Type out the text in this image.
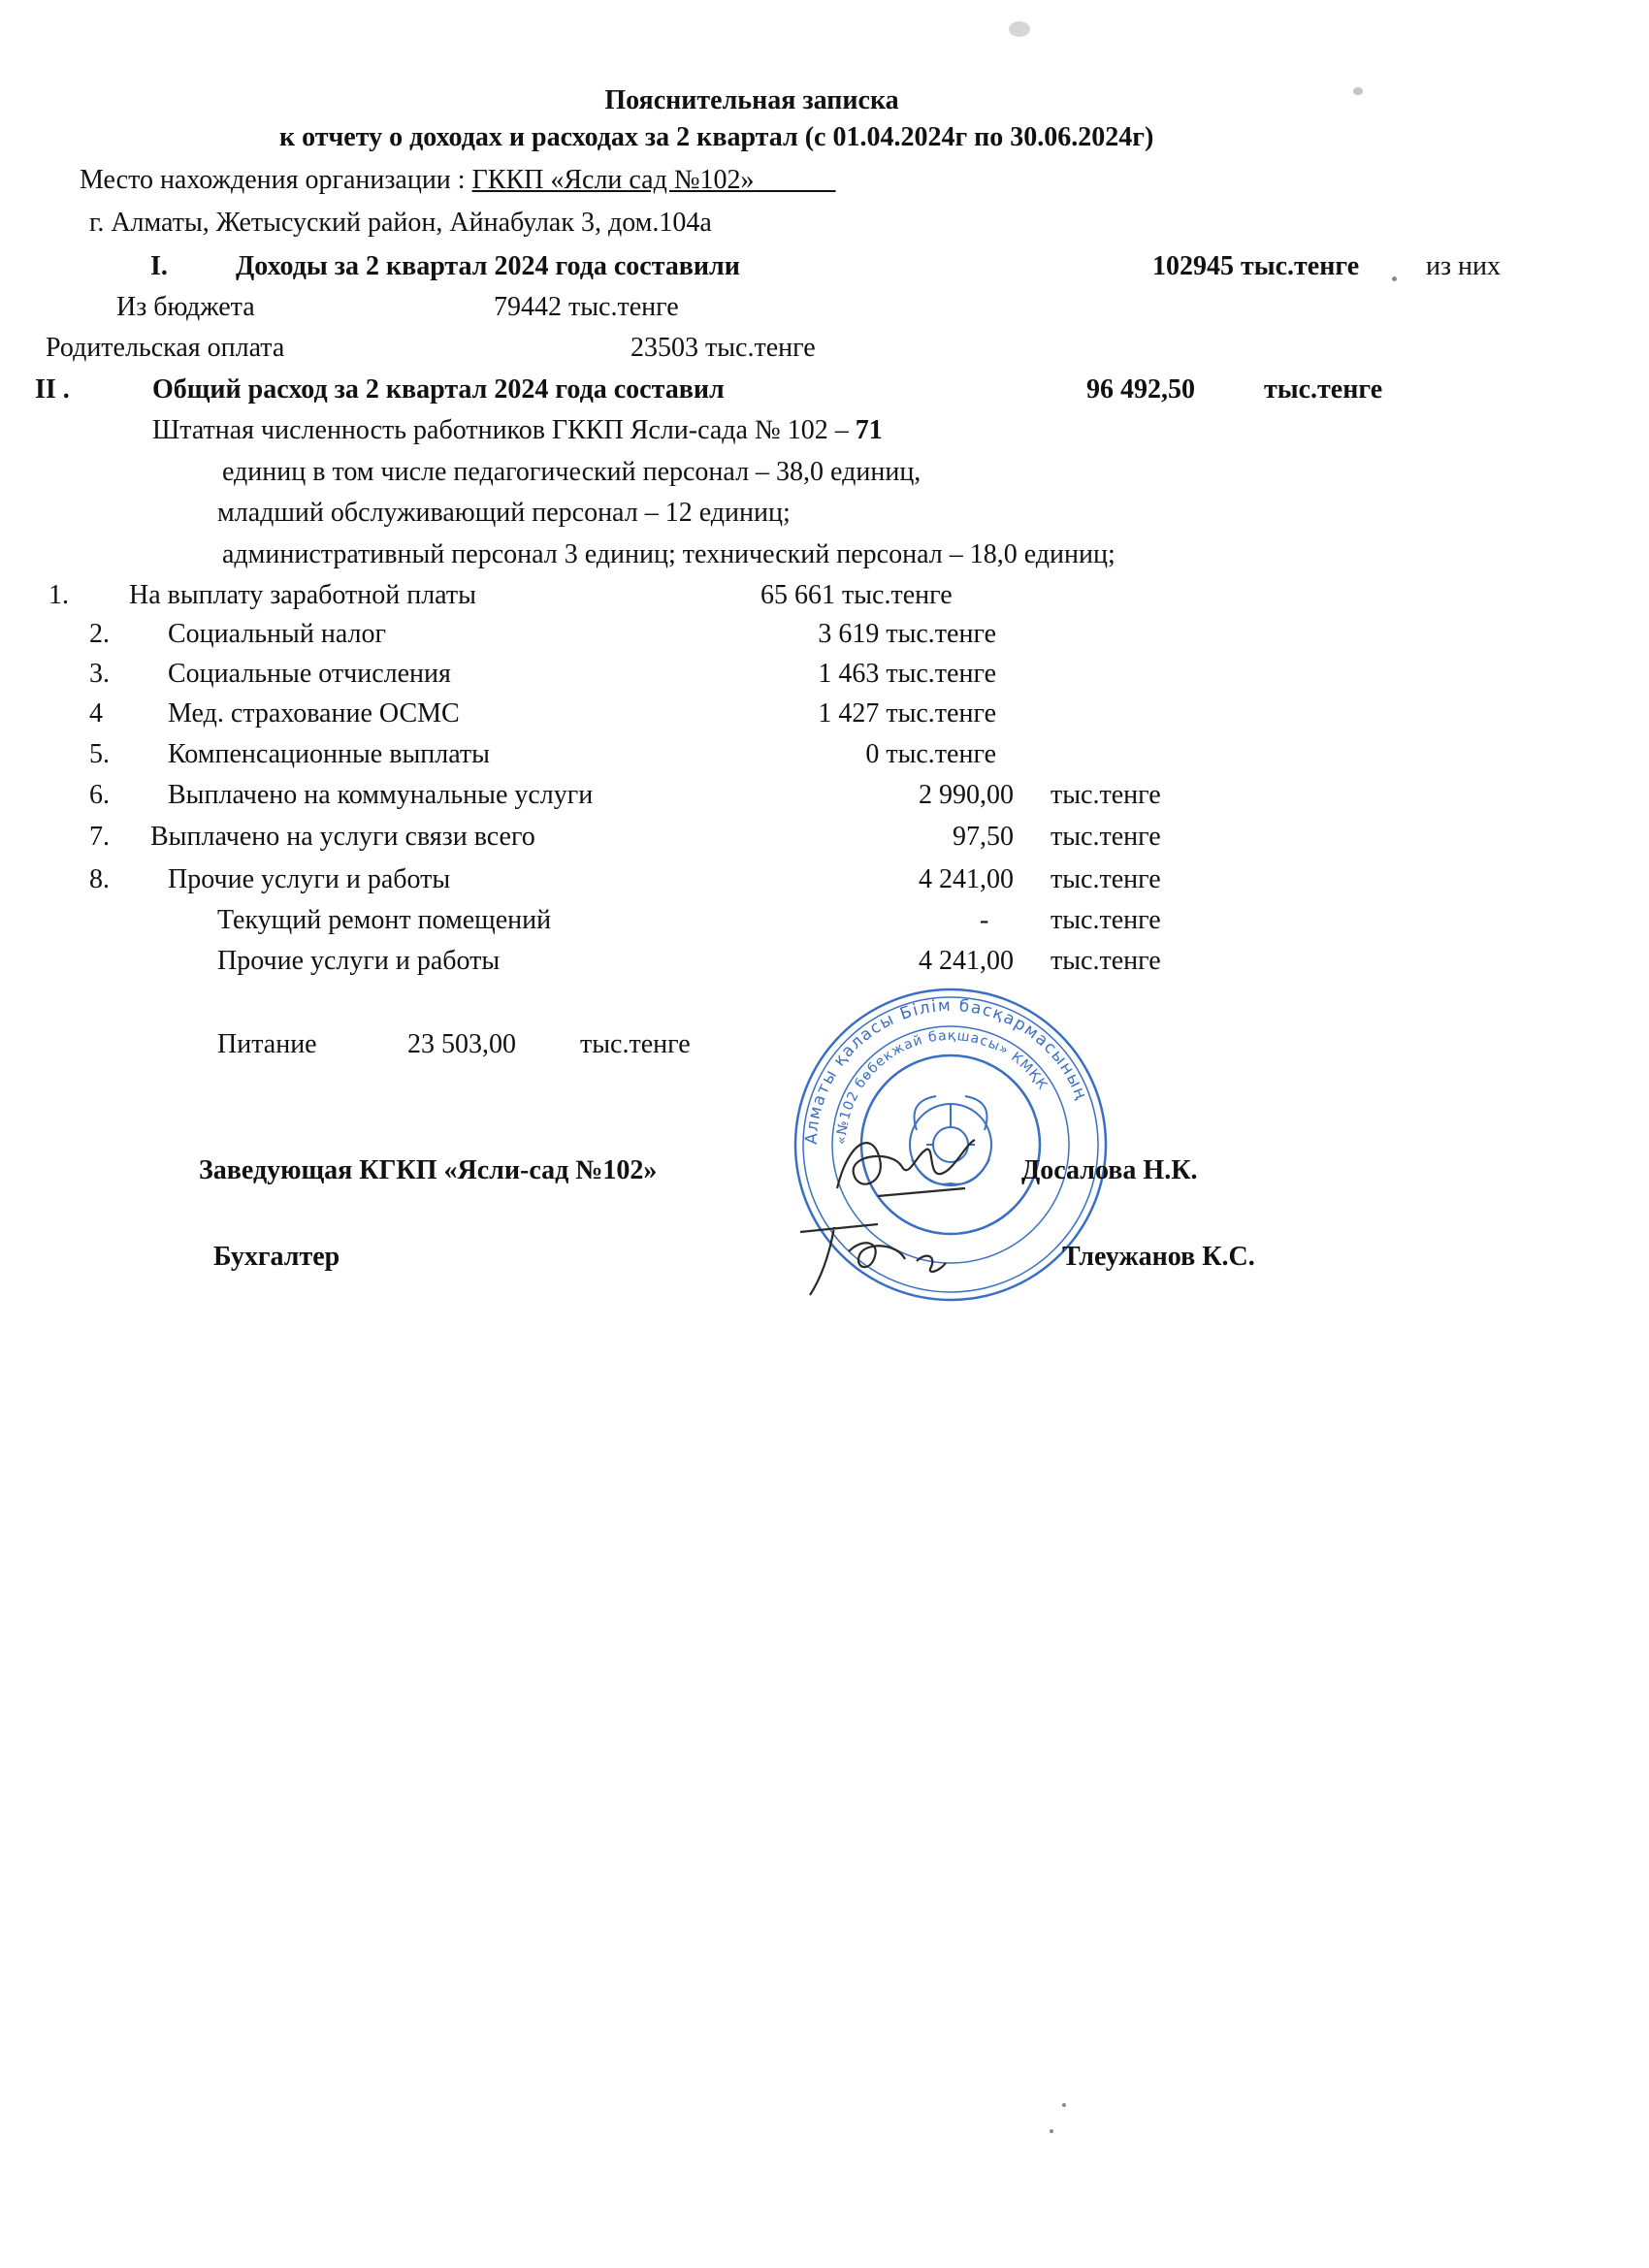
Пояснительная записка
к отчету о доходах и расходах за 2 квартал (с 01.04.2024г по 30.06.2024г)
Место нахождения организации : ГККП «Ясли сад №102»   
г. Алматы, Жетысуский район, Айнабулак 3, дом.104а
I.	Доходы за 2 квартал 2024 года составили	102945 тыс.тенге из них
Из бюджета	79442 тыс.тенге
Родительская оплата	23503 тыс.тенге
II .	Общий расход за 2 квартал 2024 года составил	96 492,50	тыс.тенге
Штатная численность работников ГККП Ясли-сада № 102 – 71
единиц в том числе педагогический персонал – 38,0 единиц,
младший обслуживающий персонал – 12 единиц;
административный персонал 3 единиц; технический персонал – 18,0 единиц;
1. На выплату заработной платы	65 661 тыс.тенге
2. Социальный налог	3 619 тыс.тенге
3. Социальные отчисления	1 463 тыс.тенге
4 Мед. страхование ОСМС	1 427 тыс.тенге
5. Компенсационные выплаты	0 тыс.тенге
6. Выплачено на коммунальные услуги	2 990,00 тыс.тенге
7. Выплачено на услуги связи всего	97,50 тыс.тенге
8. Прочие услуги и работы	4 241,00 тыс.тенге
Текущий ремонт помещений	- тыс.тенге
Прочие услуги и работы	4 241,00 тыс.тенге
Питание	23 503,00 тыс.тенге
Алматы қаласы Білім басқармасының
«№102 бөбекжай бақшасы» КМҚК
Заведующая КГКП «Ясли-сад №102»	Досалова Н.К.
Бухгалтер	Тлеужанов К.С.
